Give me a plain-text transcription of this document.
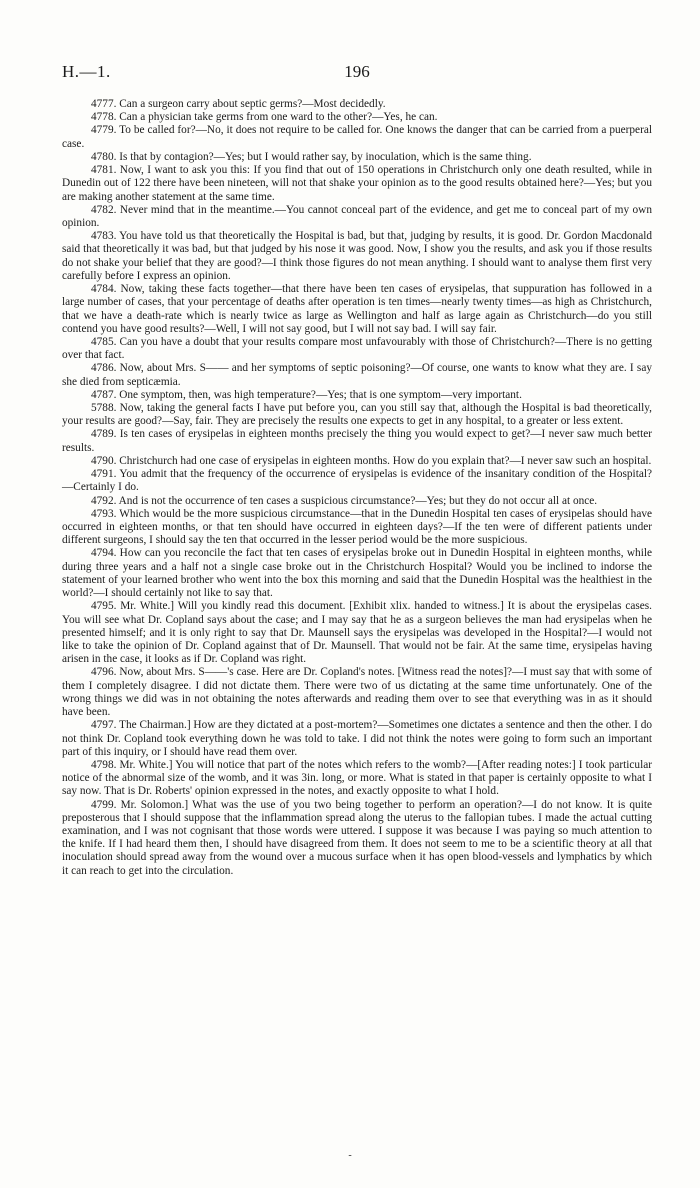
H.—1.	196

4777. Can a surgeon carry about septic germs?—Most decidedly.

4778. Can a physician take germs from one ward to the other?—Yes, he can.

4779. To be called for?—No, it does not require to be called for. One knows the danger that can be carried from a puerperal case.

4780. Is that by contagion?—Yes; but I would rather say, by inoculation, which is the same thing.

4781. Now, I want to ask you this: If you find that out of 150 operations in Christchurch only one death resulted, while in Dunedin out of 122 there have been nineteen, will not that shake your opinion as to the good results obtained here?—Yes; but you are making another statement at the same time.

4782. Never mind that in the meantime.—You cannot conceal part of the evidence, and get me to conceal part of my own opinion.

4783. You have told us that theoretically the Hospital is bad, but that, judging by results, it is good. Dr. Gordon Macdonald said that theoretically it was bad, but that judged by his nose it was good. Now, I show you the results, and ask you if those results do not shake your belief that they are good?—I think those figures do not mean anything. I should want to analyse them first very carefully before I express an opinion.

4784. Now, taking these facts together—that there have been ten cases of erysipelas, that suppuration has followed in a large number of cases, that your percentage of deaths after operation is ten times—nearly twenty times—as high as Christchurch, that we have a death-rate which is nearly twice as large as Wellington and half as large again as Christchurch—do you still contend you have good results?—Well, I will not say good, but I will not say bad. I will say fair.

4785. Can you have a doubt that your results compare most unfavourably with those of Christchurch?—There is no getting over that fact.

4786. Now, about Mrs. S—— and her symptoms of septic poisoning?—Of course, one wants to know what they are. I say she died from septicæmia.

4787. One symptom, then, was high temperature?—Yes; that is one symptom—very important.

5788. Now, taking the general facts I have put before you, can you still say that, although the Hospital is bad theoretically, your results are good?—Say, fair. They are precisely the results one expects to get in any hospital, to a greater or less extent.

4789. Is ten cases of erysipelas in eighteen months precisely the thing you would expect to get?—I never saw much better results.

4790. Christchurch had one case of erysipelas in eighteen months. How do you explain that?—I never saw such an hospital.

4791. You admit that the frequency of the occurrence of erysipelas is evidence of the insanitary condition of the Hospital?—Certainly I do.

4792. And is not the occurrence of ten cases a suspicious circumstance?—Yes; but they do not occur all at once.

4793. Which would be the more suspicious circumstance—that in the Dunedin Hospital ten cases of erysipelas should have occurred in eighteen months, or that ten should have occurred in eighteen days?—If the ten were of different patients under different surgeons, I should say the ten that occurred in the lesser period would be the more suspicious.

4794. How can you reconcile the fact that ten cases of erysipelas broke out in Dunedin Hospital in eighteen months, while during three years and a half not a single case broke out in the Christchurch Hospital? Would you be inclined to indorse the statement of your learned brother who went into the box this morning and said that the Dunedin Hospital was the healthiest in the world?—I should certainly not like to say that.

4795. Mr. White.] Will you kindly read this document. [Exhibit xlix. handed to witness.] It is about the erysipelas cases. You will see what Dr. Copland says about the case; and I may say that he as a surgeon believes the man had erysipelas when he presented himself; and it is only right to say that Dr. Maunsell says the erysipelas was developed in the Hospital?—I would not like to take the opinion of Dr. Copland against that of Dr. Maunsell. That would not be fair. At the same time, erysipelas having arisen in the case, it looks as if Dr. Copland was right.

4796. Now, about Mrs. S——'s case. Here are Dr. Copland's notes. [Witness read the notes]?—I must say that with some of them I completely disagree. I did not dictate them. There were two of us dictating at the same time unfortunately. One of the wrong things we did was in not obtaining the notes afterwards and reading them over to see that everything was in as it should have been.

4797. The Chairman.] How are they dictated at a post-mortem?—Sometimes one dictates a sentence and then the other. I do not think Dr. Copland took everything down he was told to take. I did not think the notes were going to form such an important part of this inquiry, or I should have read them over.

4798. Mr. White.] You will notice that part of the notes which refers to the womb?—[After reading notes:] I took particular notice of the abnormal size of the womb, and it was 3in. long, or more. What is stated in that paper is certainly opposite to what I say now. That is Dr. Roberts' opinion expressed in the notes, and exactly opposite to what I hold.

4799. Mr. Solomon.] What was the use of you two being together to perform an operation?—I do not know. It is quite preposterous that I should suppose that the inflammation spread along the uterus to the fallopian tubes. I made the actual cutting examination, and I was not cognisant that those words were uttered. I suppose it was because I was paying so much attention to the knife. If I had heard them then, I should have disagreed from them. It does not seem to me to be a scientific theory at all that inoculation should spread away from the wound over a mucous surface when it has open blood-vessels and lymphatics by which it can reach to get into the circulation.

-
